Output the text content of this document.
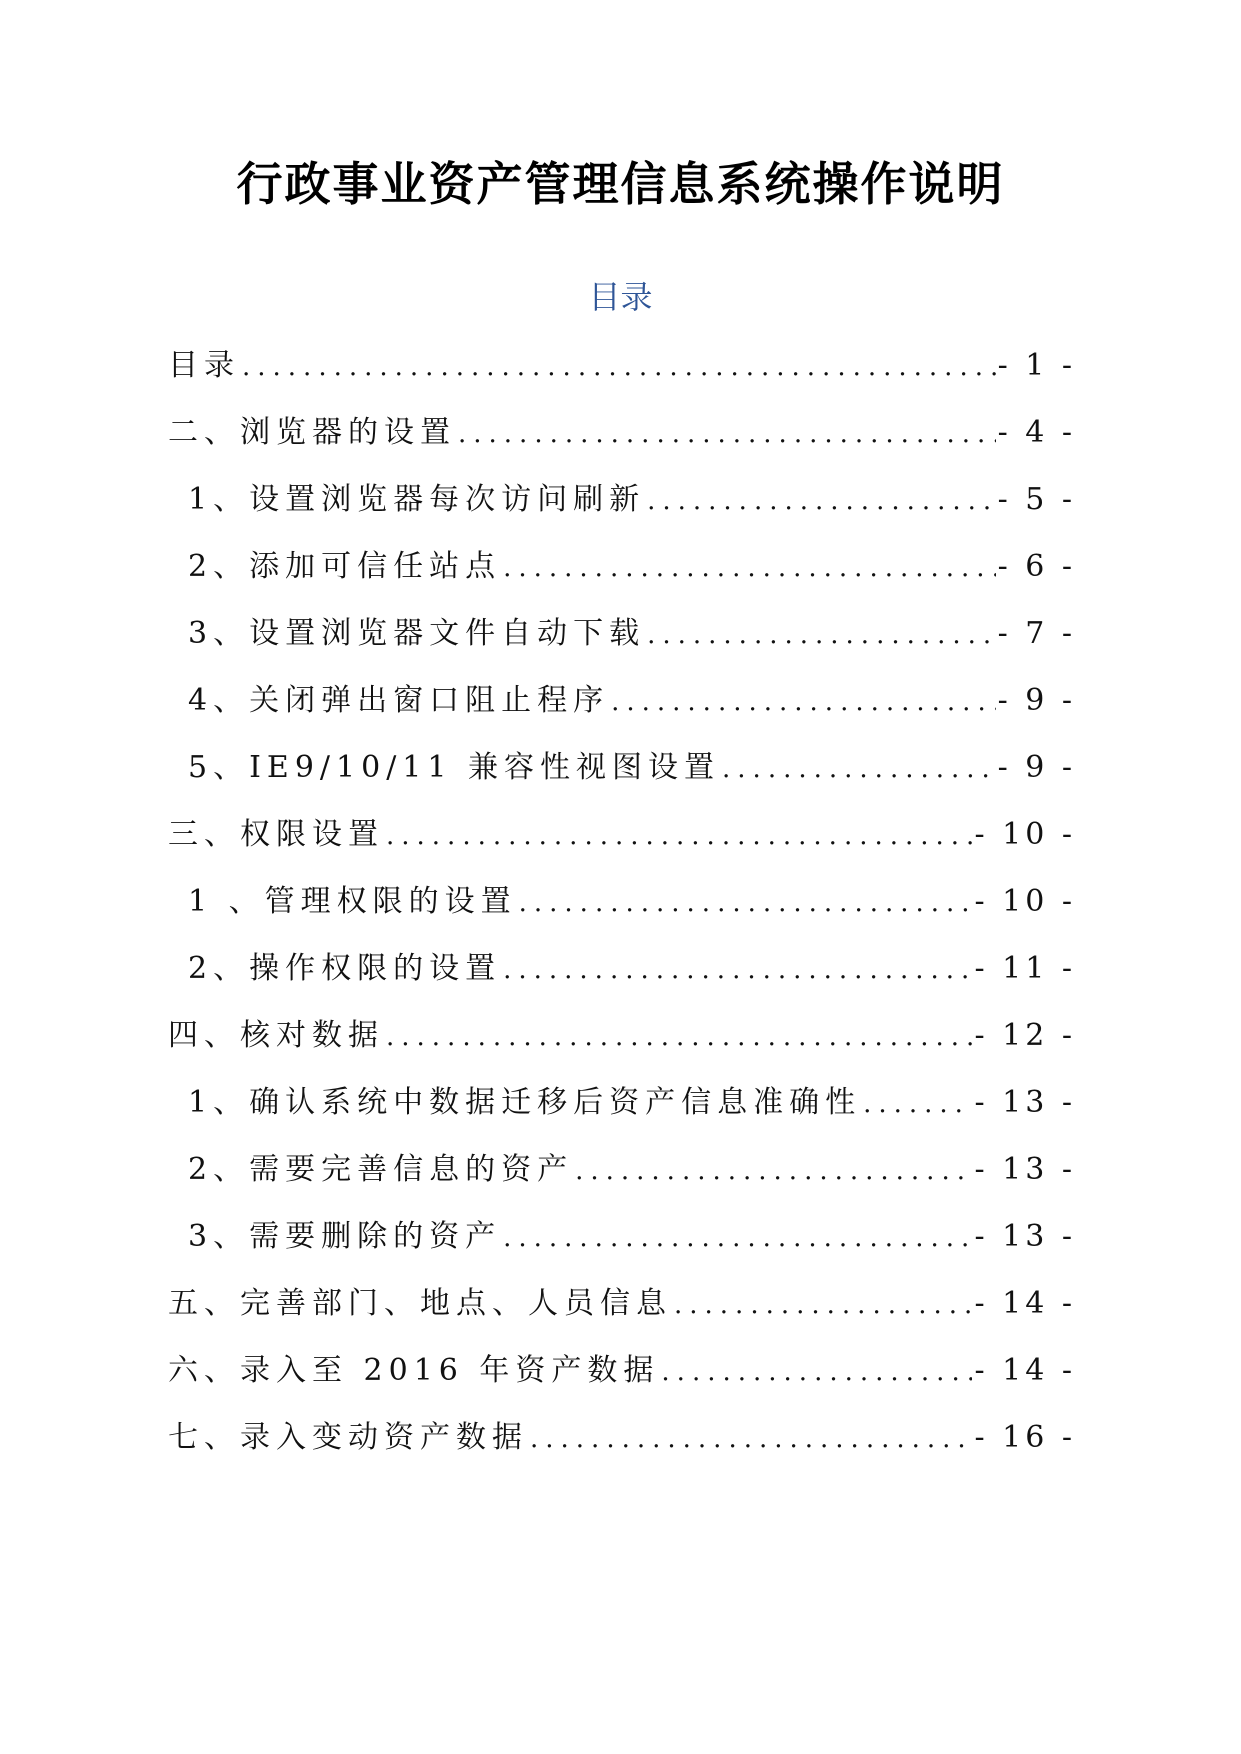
行政事业资产管理信息系统操作说明
目录
目录 .....	- 1 -
二、浏览器的设置 .....	- 4 -
1、设置浏览器每次访问刷新 .....	- 5 -
2、添加可信任站点 .....	- 6 -
3、设置浏览器文件自动下载 .....	- 7 -
4、关闭弹出窗口阻止程序 .....	- 9 -
5、IE9/10/11 兼容性视图设置 .....	- 9 -
三、权限设置 .....	- 10 -
1 、管理权限的设置 .....	- 10 -
2、操作权限的设置 .....	- 11 -
四、核对数据 .....	- 12 -
1、确认系统中数据迁移后资产信息准确性 .....	- 13 -
2、需要完善信息的资产 .....	- 13 -
3、需要删除的资产 .....	- 13 -
五、完善部门、地点、人员信息 .....	- 14 -
六、录入至 2016 年资产数据 .....	- 14 -
七、录入变动资产数据 .....	- 16 -
